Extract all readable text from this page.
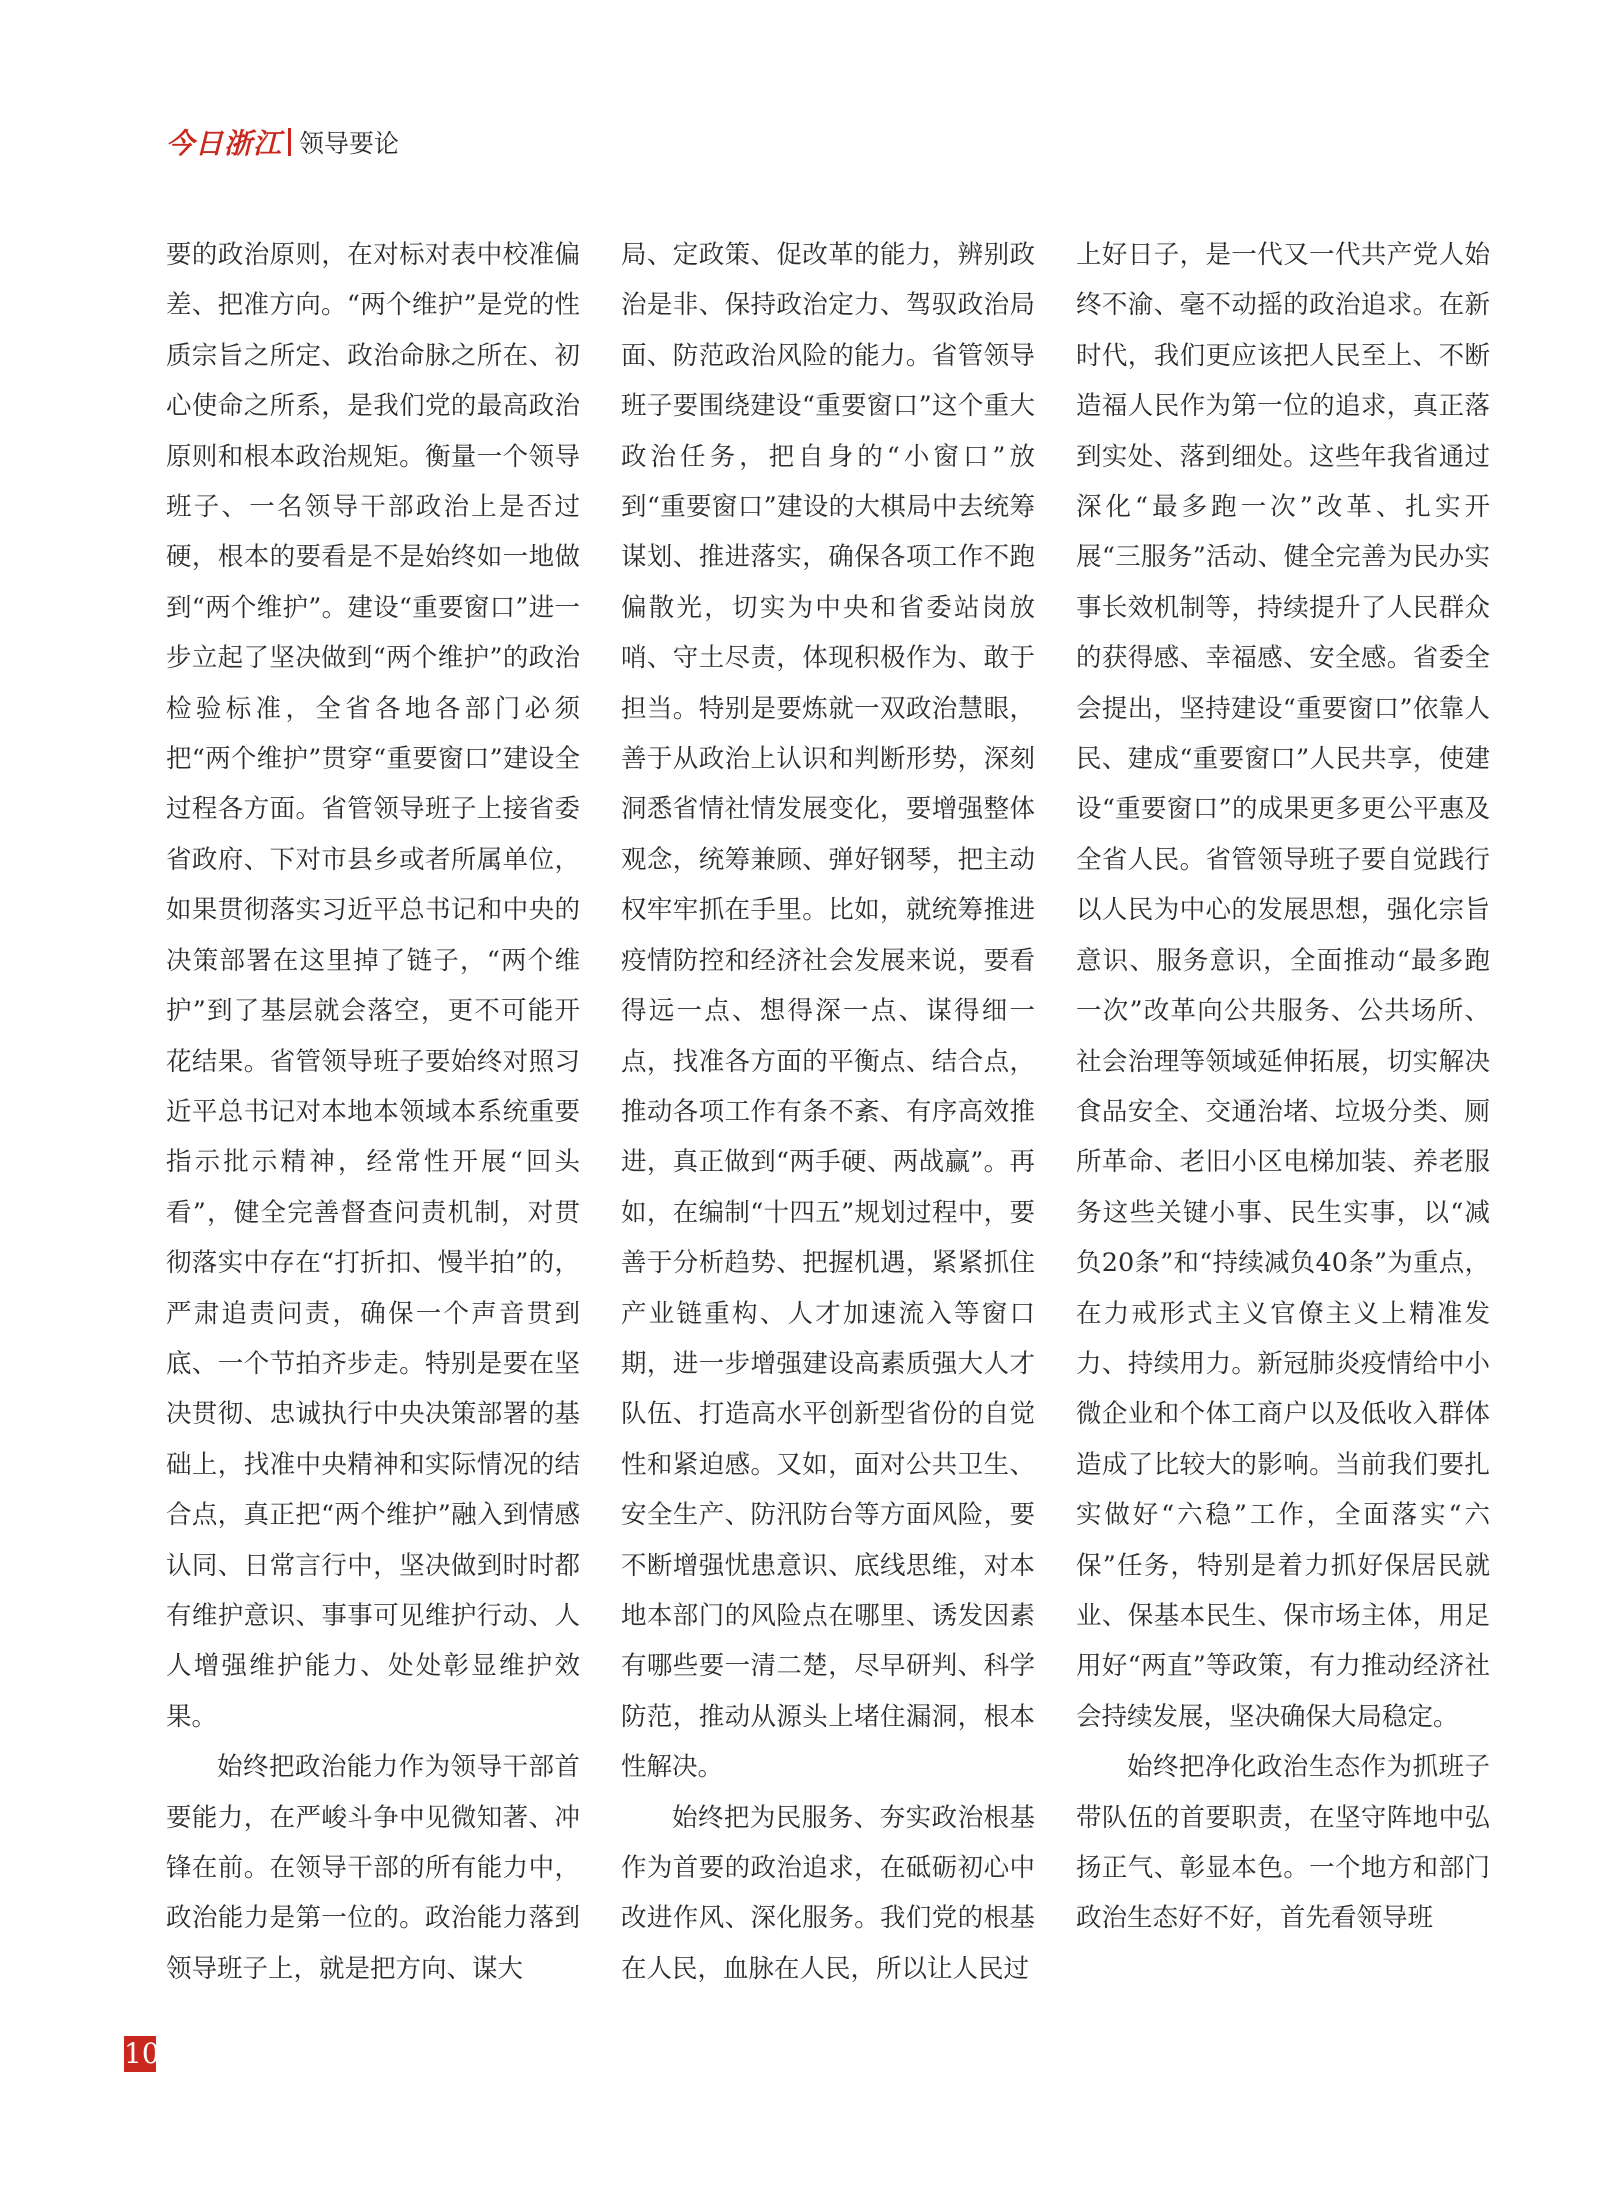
今日浙江 领导要论

要的政治原则，在对标对表中校准偏差、把准方向。“两个维护”是党的性质宗旨之所定、政治命脉之所在、初心使命之所系，是我们党的最高政治原则和根本政治规矩。衡量一个领导班子、一名领导干部政治上是否过硬，根本的要看是不是始终如一地做到“两个维护”。建设“重要窗口”进一步立起了坚决做到“两个维护”的政治检验标准，全省各地各部门必须把“两个维护”贯穿“重要窗口”建设全过程各方面。省管领导班子上接省委省政府、下对市县乡或者所属单位，如果贯彻落实习近平总书记和中央的决策部署在这里掉了链子，“两个维护”到了基层就会落空，更不可能开花结果。省管领导班子要始终对照习近平总书记对本地本领域本系统重要指示批示精神，经常性开展“回头看”，健全完善督查问责机制，对贯彻落实中存在“打折扣、慢半拍”的，严肃追责问责，确保一个声音贯到底、一个节拍齐步走。特别是要在坚决贯彻、忠诚执行中央决策部署的基础上，找准中央精神和实际情况的结合点，真正把“两个维护”融入到情感认同、日常言行中，坚决做到时时都有维护意识、事事可见维护行动、人人增强维护能力、处处彰显维护效果。

始终把政治能力作为领导干部首要能力，在严峻斗争中见微知著、冲锋在前。在领导干部的所有能力中，政治能力是第一位的。政治能力落到领导班子上，就是把方向、谋大

局、定政策、促改革的能力，辨别政治是非、保持政治定力、驾驭政治局面、防范政治风险的能力。省管领导班子要围绕建设“重要窗口”这个重大政治任务，把自身的“小窗口”放到“重要窗口”建设的大棋局中去统筹谋划、推进落实，确保各项工作不跑偏散光，切实为中央和省委站岗放哨、守土尽责，体现积极作为、敢于担当。特别是要炼就一双政治慧眼，善于从政治上认识和判断形势，深刻洞悉省情社情发展变化，要增强整体观念，统筹兼顾、弹好钢琴，把主动权牢牢抓在手里。比如，就统筹推进疫情防控和经济社会发展来说，要看得远一点、想得深一点、谋得细一点，找准各方面的平衡点、结合点，推动各项工作有条不紊、有序高效推进，真正做到“两手硬、两战赢”。再如，在编制“十四五”规划过程中，要善于分析趋势、把握机遇，紧紧抓住产业链重构、人才加速流入等窗口期，进一步增强建设高素质强大人才队伍、打造高水平创新型省份的自觉性和紧迫感。又如，面对公共卫生、安全生产、防汛防台等方面风险，要不断增强忧患意识、底线思维，对本地本部门的风险点在哪里、诱发因素有哪些要一清二楚，尽早研判、科学防范，推动从源头上堵住漏洞，根本性解决。

始终把为民服务、夯实政治根基作为首要的政治追求，在砥砺初心中改进作风、深化服务。我们党的根基在人民，血脉在人民，所以让人民过

上好日子，是一代又一代共产党人始终不渝、毫不动摇的政治追求。在新时代，我们更应该把人民至上、不断造福人民作为第一位的追求，真正落到实处、落到细处。这些年我省通过深化“最多跑一次”改革、扎实开展“三服务”活动、健全完善为民办实事长效机制等，持续提升了人民群众的获得感、幸福感、安全感。省委全会提出，坚持建设“重要窗口”依靠人民、建成“重要窗口”人民共享，使建设“重要窗口”的成果更多更公平惠及全省人民。省管领导班子要自觉践行以人民为中心的发展思想，强化宗旨意识、服务意识，全面推动“最多跑一次”改革向公共服务、公共场所、社会治理等领域延伸拓展，切实解决食品安全、交通治堵、垃圾分类、厕所革命、老旧小区电梯加装、养老服务这些关键小事、民生实事，以“减负20条”和“持续减负40条”为重点，在力戒形式主义官僚主义上精准发力、持续用力。新冠肺炎疫情给中小微企业和个体工商户以及低收入群体造成了比较大的影响。当前我们要扎实做好“六稳”工作，全面落实“六保”任务，特别是着力抓好保居民就业、保基本民生、保市场主体，用足用好“两直”等政策，有力推动经济社会持续发展，坚决确保大局稳定。

始终把净化政治生态作为抓班子带队伍的首要职责，在坚守阵地中弘扬正气、彰显本色。一个地方和部门政治生态好不好，首先看领导班

10
